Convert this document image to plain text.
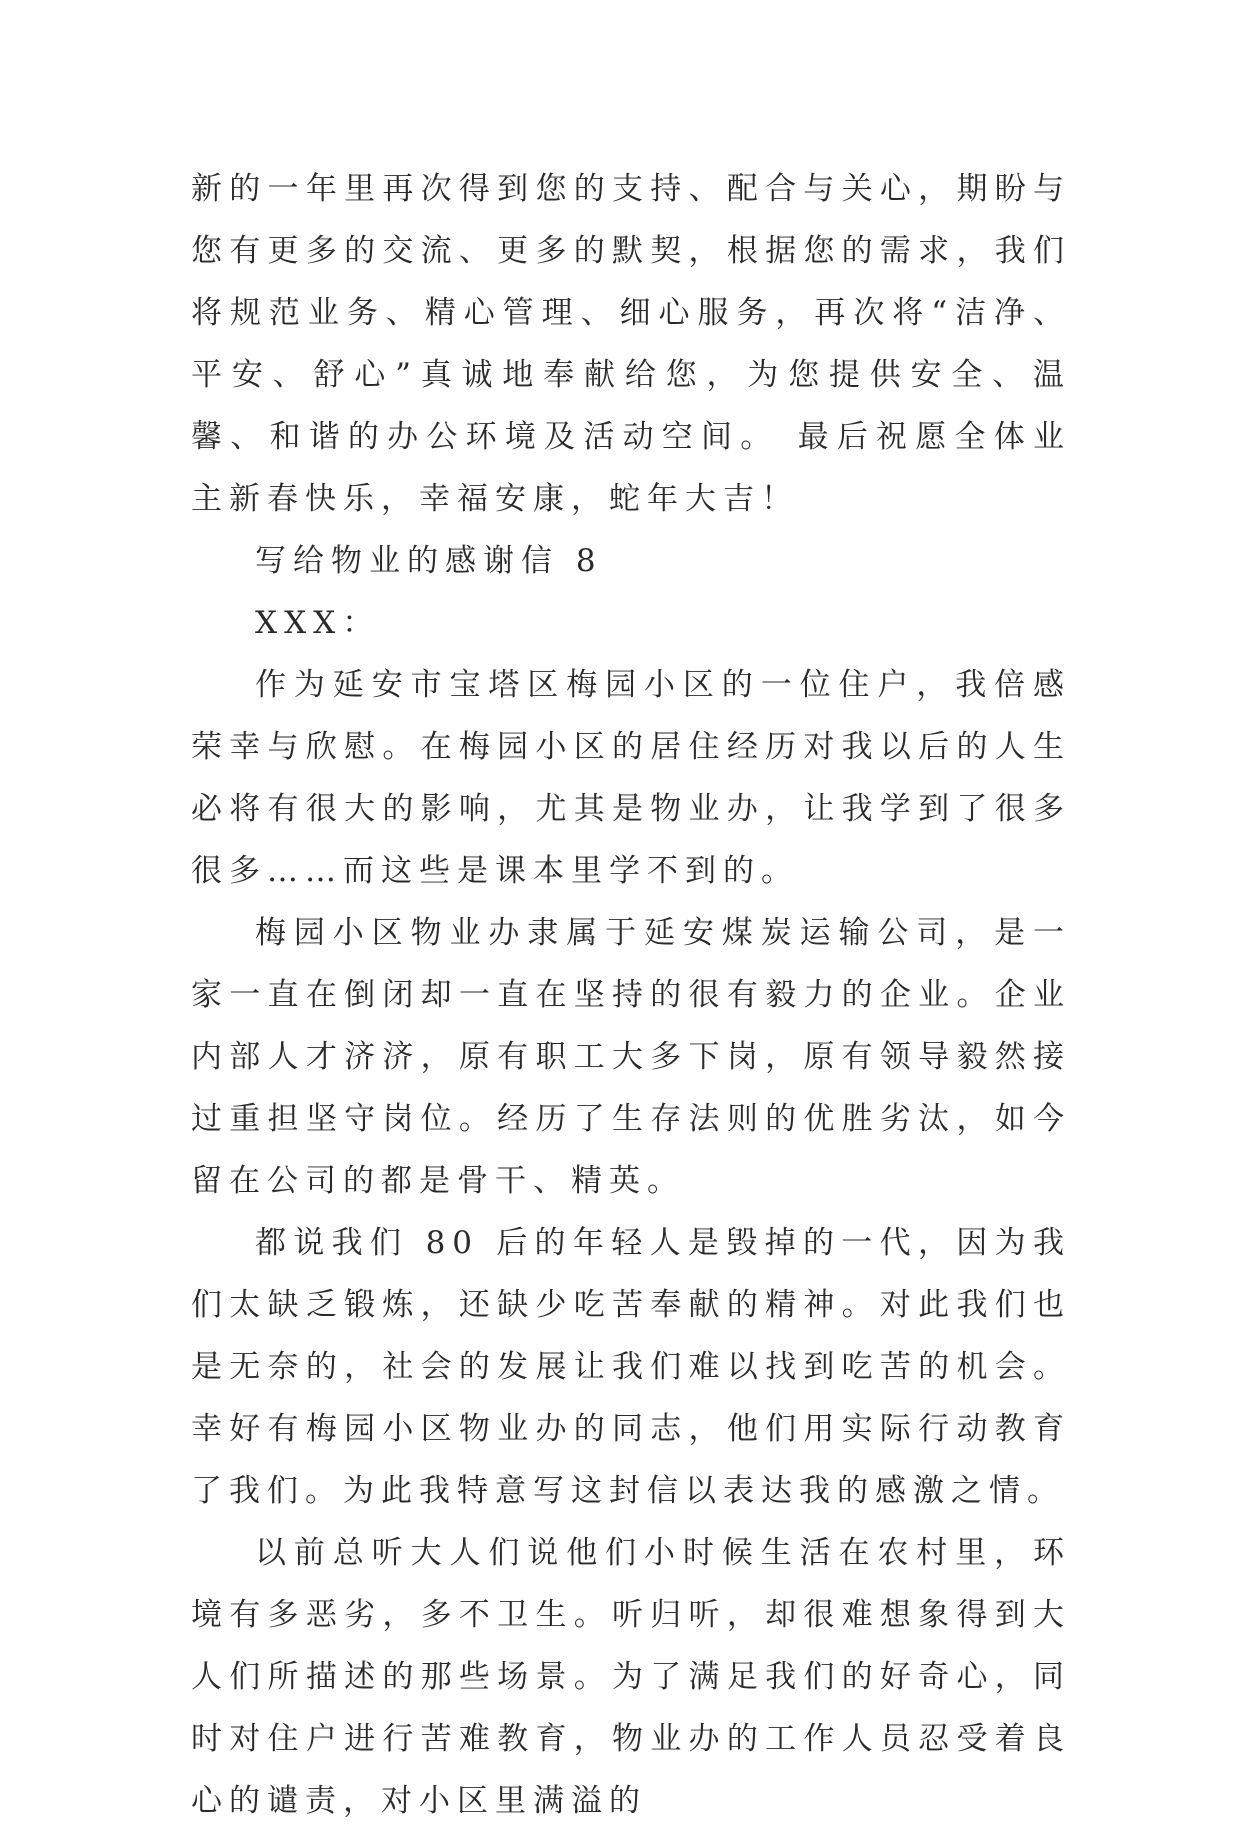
新的一年里再次得到您的支持、配合与关心，期盼与您有更多的交流、更多的默契，根据您的需求，我们将规范业务、精心管理、细心服务，再次将“洁净、平安、舒心”真诚地奉献给您，为您提供安全、温馨、和谐的办公环境及活动空间。 最后祝愿全体业主新春快乐，幸福安康，蛇年大吉！

写给物业的感谢信 8

XXX：

作为延安市宝塔区梅园小区的一位住户，我倍感荣幸与欣慰。在梅园小区的居住经历对我以后的人生必将有很大的影响，尤其是物业办，让我学到了很多很多……而这些是课本里学不到的。

梅园小区物业办隶属于延安煤炭运输公司，是一家一直在倒闭却一直在坚持的很有毅力的企业。企业内部人才济济，原有职工大多下岗，原有领导毅然接过重担坚守岗位。经历了生存法则的优胜劣汰，如今留在公司的都是骨干、精英。

都说我们 80 后的年轻人是毁掉的一代，因为我们太缺乏锻炼，还缺少吃苦奉献的精神。对此我们也是无奈的，社会的发展让我们难以找到吃苦的机会。幸好有梅园小区物业办的同志，他们用实际行动教育了我们。为此我特意写这封信以表达我的感激之情。

以前总听大人们说他们小时候生活在农村里，环境有多恶劣，多不卫生。听归听，却很难想象得到大人们所描述的那些场景。为了满足我们的好奇心，同时对住户进行苦难教育，物业办的工作人员忍受着良心的谴责，对小区里满溢的
